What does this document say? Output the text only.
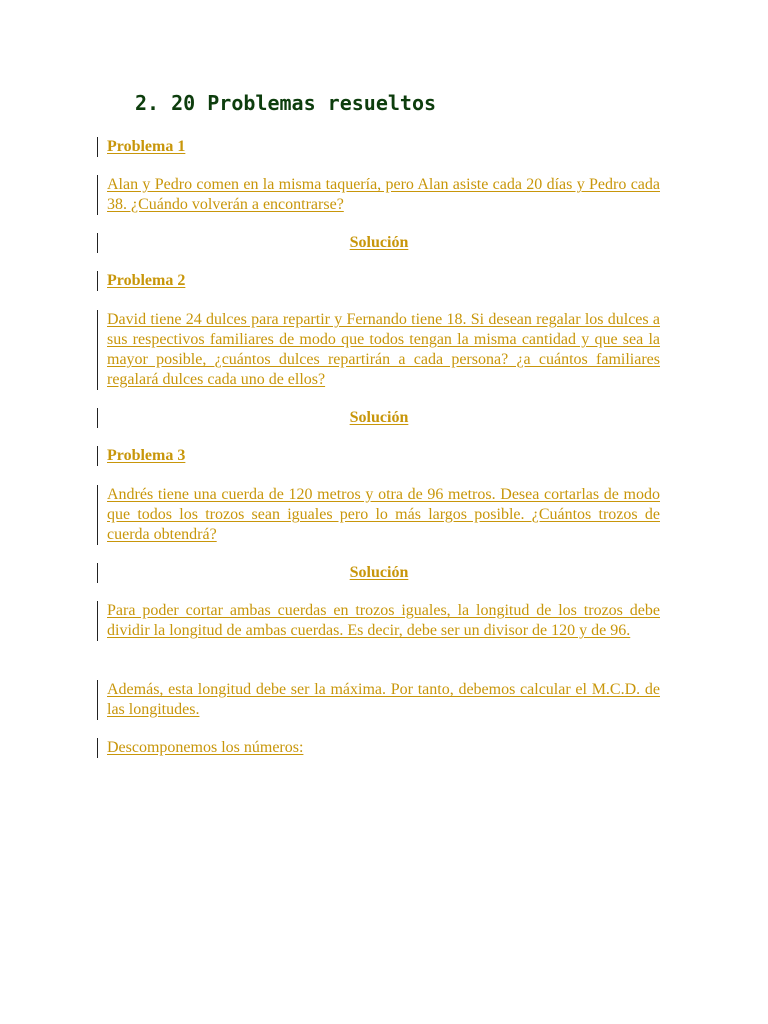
2. 20 Problemas resueltos

Problema 1

Alan y Pedro comen en la misma taquería, pero Alan asiste cada 20 días y Pedro cada 38. ¿Cuándo volverán a encontrarse?

Solución

Problema 2

David tiene 24 dulces para repartir y Fernando tiene 18. Si desean regalar los dulces a sus respectivos familiares de modo que todos tengan la misma cantidad y que sea la mayor posible, ¿cuántos dulces repartirán a cada persona? ¿a cuántos familiares regalará dulces cada uno de ellos?

Solución

Problema 3

Andrés tiene una cuerda de 120 metros y otra de 96 metros. Desea cortarlas de modo que todos los trozos sean iguales pero lo más largos posible. ¿Cuántos trozos de cuerda obtendrá?

Solución

Para poder cortar ambas cuerdas en trozos iguales, la longitud de los trozos debe dividir la longitud de ambas cuerdas. Es decir, debe ser un divisor de 120 y de 96.

Además, esta longitud debe ser la máxima. Por tanto, debemos calcular el M.C.D. de las longitudes.

Descomponemos los números:
